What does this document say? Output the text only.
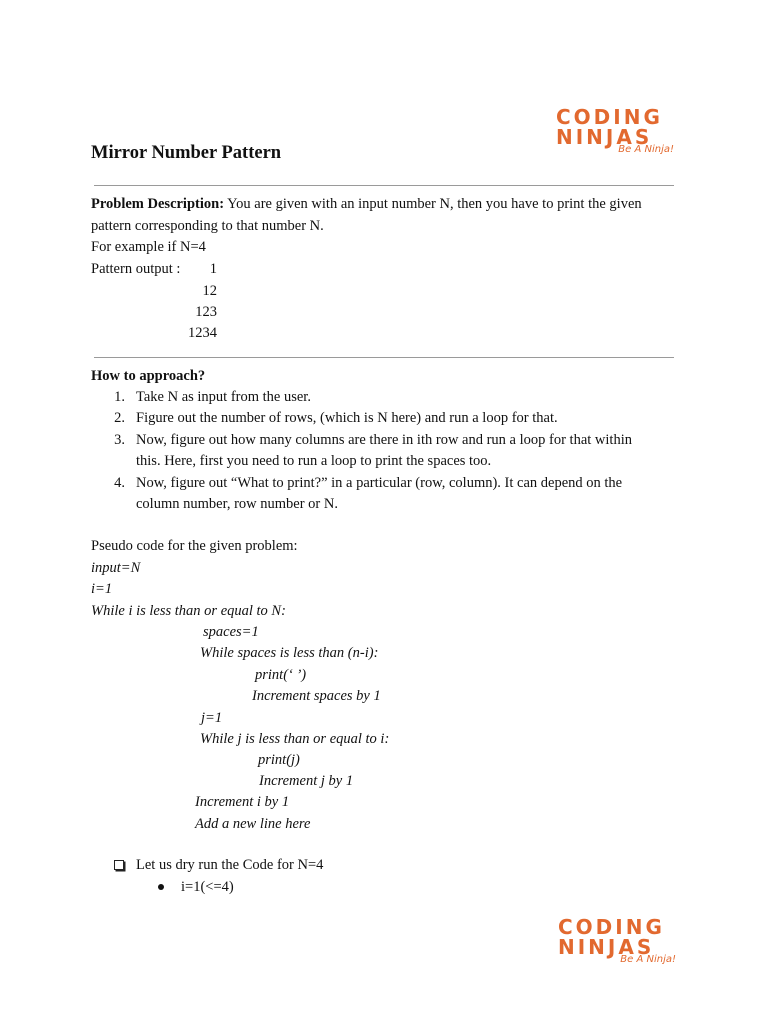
CODING
NINJAS
Be A Ninja!
Mirror Number Pattern
Problem Description: You are given with an input number N, then you have to print the given
pattern corresponding to that number N.
For example if N=4
Pattern output :	1
12
123
1234
How to approach?
1. Take N as input from the user.
2. Figure out the number of rows, (which is N here) and run a loop for that.
3. Now, figure out how many columns are there in ith row and run a loop for that within
this. Here, first you need to run a loop to print the spaces too.
4. Now, figure out “What to print?” in a particular (row, column). It can depend on the
column number, row number or N.
Pseudo code for the given problem:
input=N
i=1
While i is less than or equal to N:
spaces=1
While spaces is less than (n-i):
print(‘ ’)
Increment spaces by 1
j=1
While j is less than or equal to i:
print(j)
Increment j by 1
Increment i by 1
Add a new line here
Let us dry run the Code for N=4
i=1(<=4)
CODING
NINJAS
Be A Ninja!
